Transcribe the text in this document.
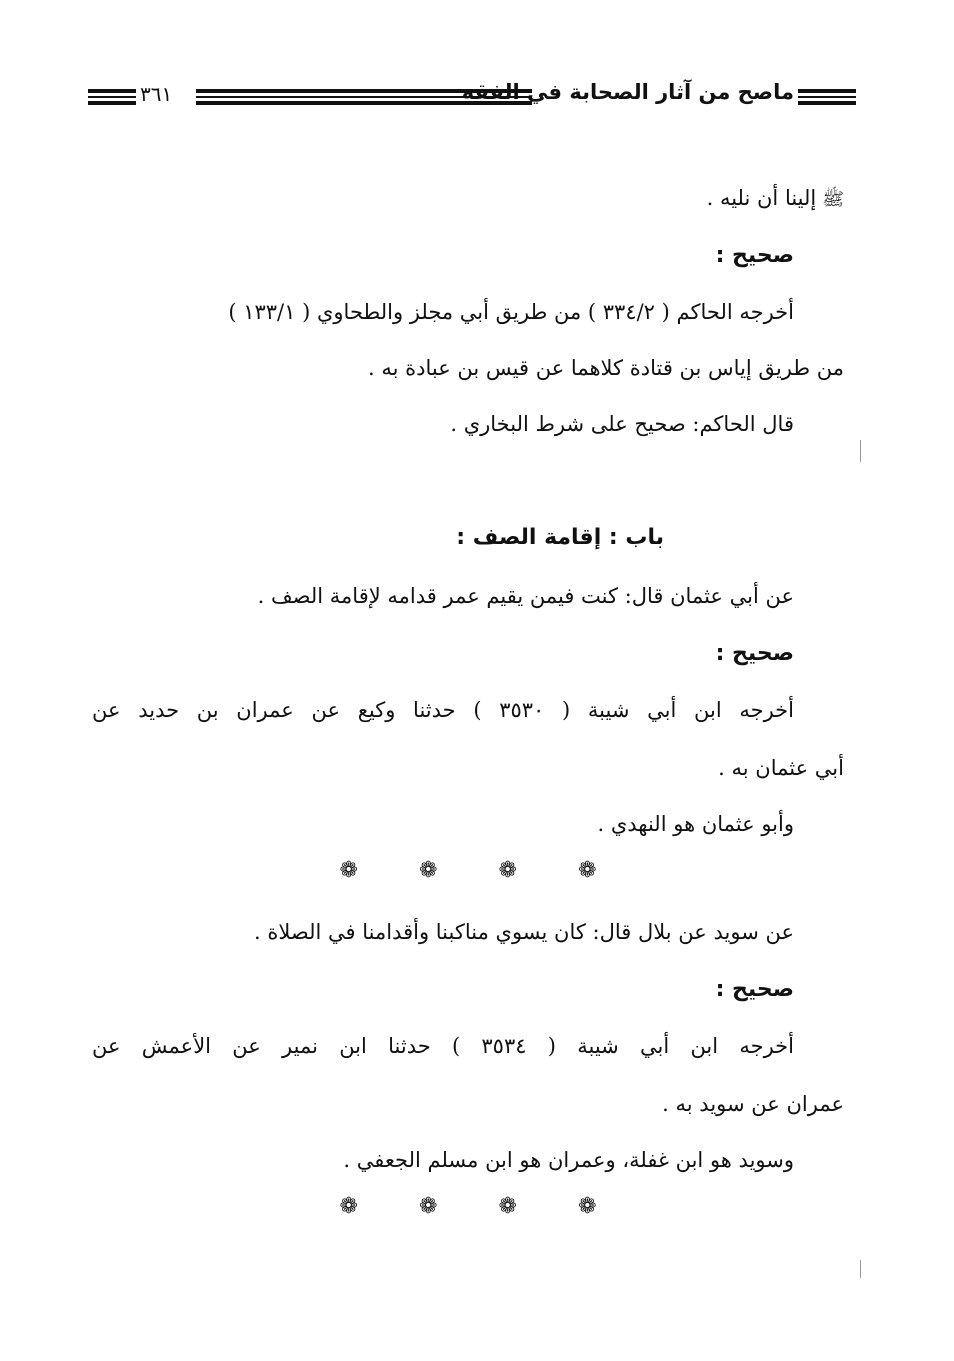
ماصح من آثار الصحابة في الفقه
٣٦١
ﷺإلينا أن نليه .
صحيح :
أخرجه الحاكم ( ٣٣٤/٢ ) من طريق أبي مجلز والطحاوي ( ١٣٣/١ )
من طريق إياس بن قتادة كلاهما عن قيس بن عبادة به .
قال الحاكم: صحيح على شرط البخاري .
باب : إقامة الصف :
عن أبي عثمان قال: كنت فيمن يقيم عمر قدامه لإقامة الصف .
صحيح :
أخرجه ابن أبي شيبة ( ٣٥٣٠ ) حدثنا وكيع عن عمران بن حديد عن
أبي عثمان به .
وأبو عثمان هو النهدي .
❁	❁	❁	❁
عن سويد عن بلال قال: كان يسوي مناكبنا وأقدامنا في الصلاة .
صحيح :
أخرجه ابن أبي شيبة ( ٣٥٣٤ ) حدثنا ابن نمير عن الأعمش عن
عمران عن سويد به .
وسويد هو ابن غفلة، وعمران هو ابن مسلم الجعفي .
❁	❁	❁	❁
